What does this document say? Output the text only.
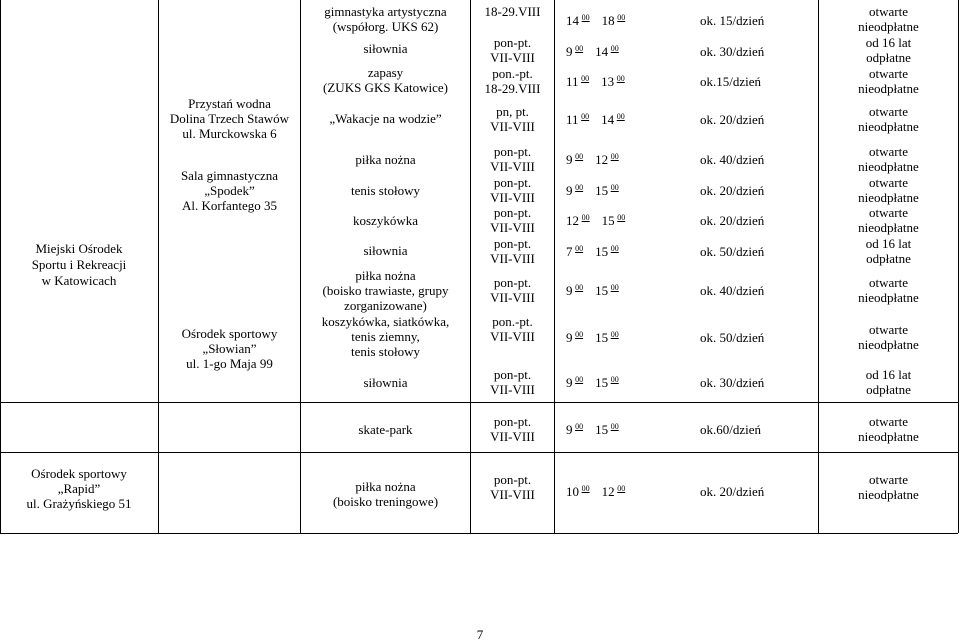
Miejski Ośrodek
Sportu i Rekreacji
w Katowicach
Przystań wodna
Dolina Trzech Stawów
ul. Murckowska 6
Sala gimnastyczna
„Spodek”
Al. Korfantego 35
Ośrodek sportowy
„Słowian”
ul. 1-go Maja 99
Ośrodek sportowy
„Rapid”
ul. Grażyńskiego 51
gimnastyka artystyczna
(współorg. UKS 62)
siłownia
zapasy
(ZUKS GKS Katowice)
„Wakacje na wodzie”
piłka nożna
tenis stołowy
koszykówka
siłownia
piłka nożna
(boisko trawiaste, grupy
zorganizowane)
koszykówka, siatkówka,
tenis ziemny,
tenis stołowy
siłownia
skate-park
piłka nożna
(boisko treningowe)
18-29.VIII
pon-pt.
VII-VIII
pon.-pt.
18-29.VIII
pn, pt.
VII-VIII
pon-pt.
VII-VIII
pon-pt.
VII-VIII
pon-pt.
VII-VIII
pon-pt.
VII-VIII
pon-pt.
VII-VIII
pon.-pt.
VII-VIII
pon-pt.
VII-VIII
pon-pt.
VII-VIII
pon-pt.
VII-VIII
14  $^{00}$ 18  $^{00}$
9  $^{00}$ 14  $^{00}$
11  $^{00}$ 13  $^{00}$
11  $^{00}$ 14  $^{00}$
9  $^{00}$ 12  $^{00}$
9  $^{00}$ 15  $^{00}$
12  $^{00}$ 15  $^{00}$
7  $^{00}$ 15  $^{00}$
9  $^{00}$ 15  $^{00}$
9  $^{00}$ 15  $^{00}$
9  $^{00}$ 15  $^{00}$
9  $^{00}$ 15  $^{00}$
10  $^{00}$ 12  $^{00}$
ok. 15/dzień
ok. 30/dzień
ok.15/dzień
ok. 20/dzień
ok. 40/dzień
ok. 20/dzień
ok. 20/dzień
ok. 50/dzień
ok. 40/dzień
ok. 50/dzień
ok. 30/dzień
ok.60/dzień
ok. 20/dzień
otwarte
nieodpłatne
od 16 lat
odpłatne
otwarte
nieodpłatne
otwarte
nieodpłatne
otwarte
nieodpłatne
otwarte
nieodpłatne
otwarte
nieodpłatne
od 16 lat
odpłatne
otwarte
nieodpłatne
otwarte
nieodpłatne
od 16 lat
odpłatne
otwarte
nieodpłatne
otwarte
nieodpłatne
7
